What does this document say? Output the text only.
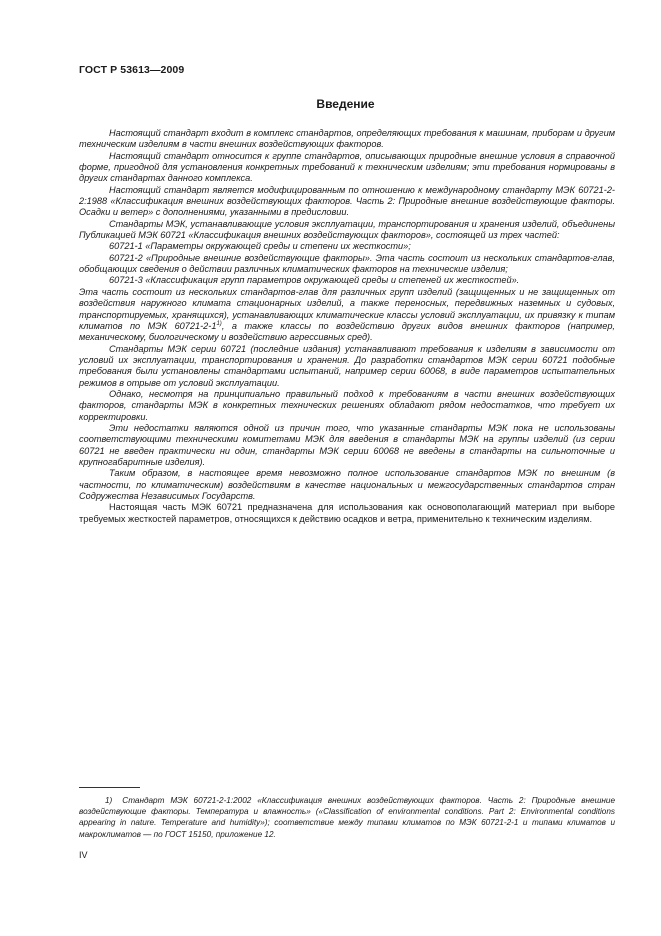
ГОСТ Р 53613—2009
Введение

Настоящий стандарт входит в комплекс стандартов, определяющих требования к машинам, приборам и другим техническим изделиям в части внешних воздействующих факторов.

Настоящий стандарт относится к группе стандартов, описывающих природные внешние условия в справочной форме, пригодной для установления конкретных требований к техническим изделиям; эти требования нормированы в других стандартах данного комплекса.

Настоящий стандарт является модифицированным по отношению к международному стандарту МЭК 60721-2-2:1988 «Классификация внешних воздействующих факторов. Часть 2: Природные внешние воздействующие факторы. Осадки и ветер» с дополнениями, указанными в предисловии.

Стандарты МЭК, устанавливающие условия эксплуатации, транспортирования и хранения изделий, объединены Публикацией МЭК 60721 «Классификация внешних воздействующих факторов», состоящей из трех частей:

60721-1 «Параметры окружающей среды и степени их жесткости»;

60721-2 «Природные внешние воздействующие факторы». Эта часть состоит из нескольких стандартов-глав, обобщающих сведения о действии различных климатических факторов на технические изделия;

60721-3 «Классификация групп параметров окружающей среды и степеней их жесткостей».

Эта часть состоит из нескольких стандартов-глав для различных групп изделий (защищенных и не защищенных от воздействия наружного климата стационарных изделий, а также переносных, передвижных наземных и судовых, транспортируемых, хранящихся), устанавливающих климатические классы условий эксплуатации, их привязку к типам климатов по МЭК 60721-2-1$^{1)}$, а также классы по воздействию других видов внешних факторов (например, механическому, биологическому и воздействию агрессивных сред).

Стандарты МЭК серии 60721 (последние издания) устанавливают требования к изделиям в зависимости от условий их эксплуатации, транспортирования и хранения. До разработки стандартов МЭК серии 60721 подобные требования были установлены стандартами испытаний, например серии 60068, в виде параметров испытательных режимов в отрыве от условий эксплуатации.

Однако, несмотря на принципиально правильный подход к требованиям в части внешних воздействующих факторов, стандарты МЭК в конкретных технических решениях обладают рядом недостатков, что требует их корректировки.

Эти недостатки являются одной из причин того, что указанные стандарты МЭК пока не использованы соответствующими техническими комитетами МЭК для введения в стандарты МЭК на группы изделий (из серии 60721 не введен практически ни один, стандарты МЭК серии 60068 не введены в стандарты на сильноточные и крупногабаритные изделия).

Таким образом, в настоящее время невозможно полное использование стандартов МЭК по внешним (в частности, по климатическим) воздействиям в качестве национальных и межгосударственных стандартов стран Содружества Независимых Государств.

Настоящая часть МЭК 60721 предназначена для использования как основополагающий материал при выборе требуемых жесткостей параметров, относящихся к действию осадков и ветра, применительно к техническим изделиям.

1) Стандарт МЭК 60721-2-1:2002 «Классификация внешних воздействующих факторов. Часть 2: Природные внешние воздействующие факторы. Температура и влажность» («Classification of environmental conditions. Part 2: Environmental conditions appearing in nature. Temperature and humidity»); соответствие между типами климатов по МЭК 60721-2-1 и типами климатов и макроклиматов — по ГОСТ 15150, приложение 12.

IV
